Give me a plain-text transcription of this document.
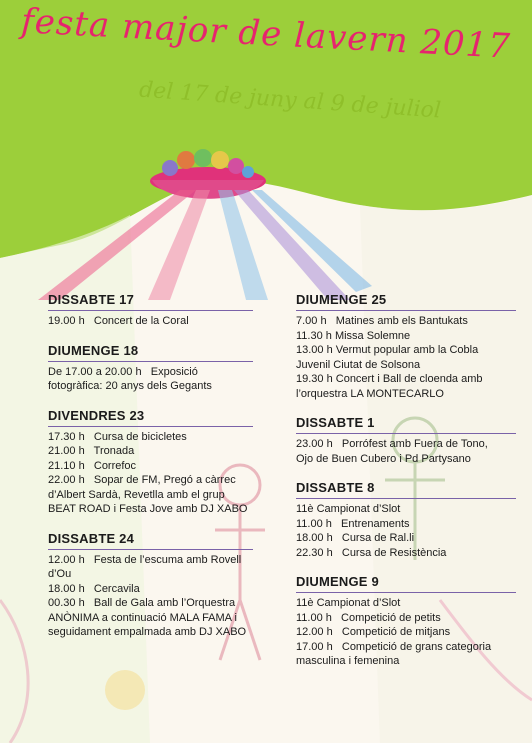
festa major de lavern 2017
del 17 de juny al 9 de juliol
DISSABTE 17
19.00 h   Concert de la Coral
DIUMENGE 18
De 17.00 a 20.00 h   Exposició
fotogràfica: 20 anys dels Gegants
DIVENDRES 23
17.30 h   Cursa de bicicletes
21.00 h   Tronada
21.10 h   Correfoc
22.00 h   Sopar de FM, Pregó a càrrec
d’Albert Sardà, Revetlla amb el grup
BEAT ROAD i Festa Jove amb DJ XABO
DISSABTE 24
12.00 h   Festa de l’escuma amb Rovell
d’Ou
18.00 h   Cercavila
00.30 h   Ball de Gala amb l’Orquestra
ANÒNIMA a continuació MALA FAMA i
seguidament empalmada amb DJ XABO
DIUMENGE 25
7.00 h   Matines amb els Bantukats
11.30 h Missa Solemne
13.00 h Vermut popular amb la Cobla
Juvenil Ciutat de Solsona
19.30 h Concert i Ball de cloenda amb
l’orquestra LA MONTECARLO
DISSABTE 1
23.00 h   Porrófest amb Fuera de Tono,
Ojo de Buen Cubero i Pd Partysano
DISSABTE 8
11è Campionat d’Slot
11.00 h   Entrenaments
18.00 h   Cursa de Ral.li
22.30 h   Cursa de Resistència
DIUMENGE 9
11è Campionat d’Slot
11.00 h   Competició de petits
12.00 h   Competició de mitjans
17.00 h   Competició de grans categoria
masculina i femenina
